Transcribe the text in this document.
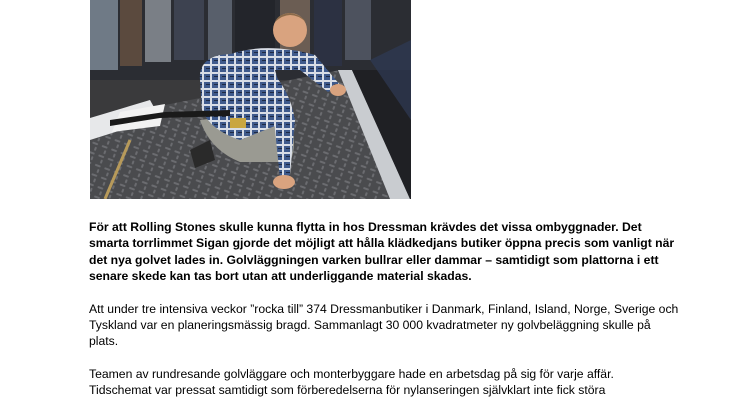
För att Rolling Stones skulle kunna flytta in hos Dressman krävdes det vissa ombyggnader. Det smarta torrlimmet Sigan gjorde det möjligt att hålla klädkedjans butiker öppna precis som vanligt när det nya golvet lades in. Golvläggningen varken bullrar eller dammar – samtidigt som plattorna i ett senare skede kan tas bort utan att underliggande material skadas.

Att under tre intensiva veckor ”rocka till” 374 Dressmanbutiker i Danmark, Finland, Island, Norge, Sverige och Tyskland var en planeringsmässig bragd. Sammanlagt 30 000 kvadratmeter ny golvbeläggning skulle på plats.

Teamen av rundresande golvläggare och monterbyggare hade en arbetsdag på sig för varje affär. Tidschemat var pressat samtidigt som förberedelserna för nylanseringen självklart inte fick störa
